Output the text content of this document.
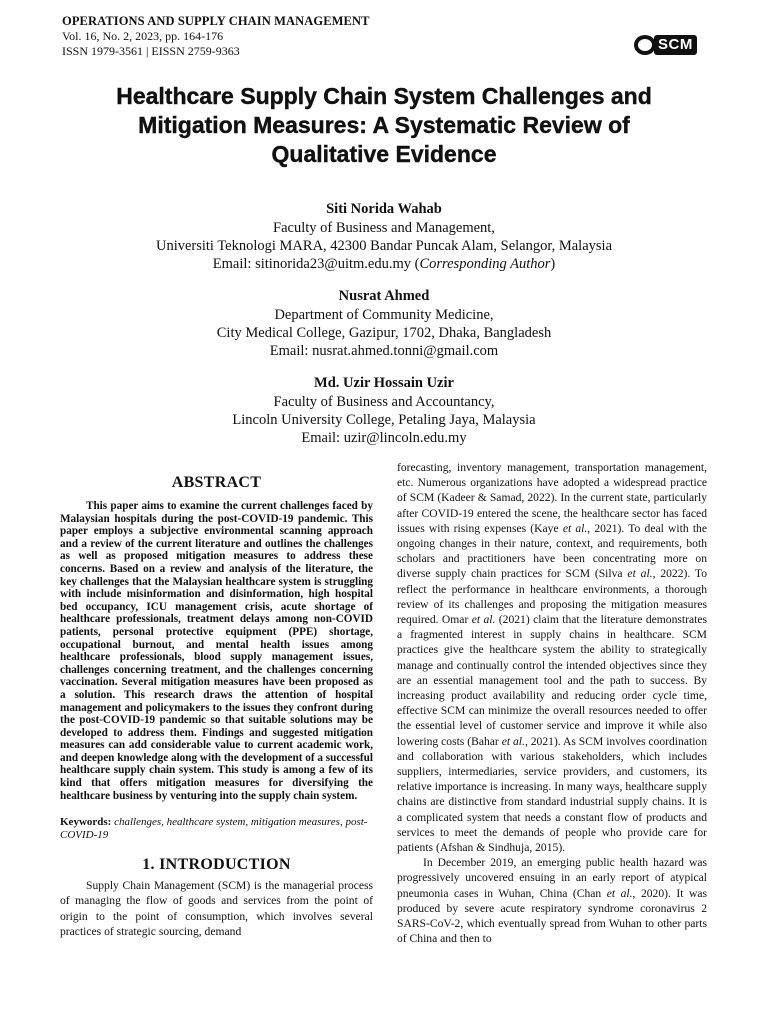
OPERATIONS AND SUPPLY CHAIN MANAGEMENT
Vol. 16, No. 2, 2023, pp. 164-176
ISSN 1979-3561 | EISSN 2759-9363	SCM
Healthcare Supply Chain System Challenges and
Mitigation Measures: A Systematic Review of
Qualitative Evidence
Siti Norida Wahab
Faculty of Business and Management,
Universiti Teknologi MARA, 42300 Bandar Puncak Alam, Selangor, Malaysia
Email: sitinorida23@uitm.edu.my (Corresponding Author)
Nusrat Ahmed
Department of Community Medicine,
City Medical College, Gazipur, 1702, Dhaka, Bangladesh
Email: nusrat.ahmed.tonni@gmail.com
Md. Uzir Hossain Uzir
Faculty of Business and Accountancy,
Lincoln University College, Petaling Jaya, Malaysia
Email: uzir@lincoln.edu.my
ABSTRACT

This paper aims to examine the current challenges faced by Malaysian hospitals during the post-COVID-19 pandemic. This paper employs a subjective environmental scanning approach and a review of the current literature and outlines the challenges as well as proposed mitigation measures to address these concerns. Based on a review and analysis of the literature, the key challenges that the Malaysian healthcare system is struggling with include misinformation and disinformation, high hospital bed occupancy, ICU management crisis, acute shortage of healthcare professionals, treatment delays among non-COVID patients, personal protective equipment (PPE) shortage, occupational burnout, and mental health issues among healthcare professionals, blood supply management issues, challenges concerning treatment, and the challenges concerning vaccination. Several mitigation measures have been proposed as a solution. This research draws the attention of hospital management and policymakers to the issues they confront during the post-COVID-19 pandemic so that suitable solutions may be developed to address them. Findings and suggested mitigation measures can add considerable value to current academic work, and deepen knowledge along with the development of a successful healthcare supply chain system. This study is among a few of its kind that offers mitigation measures for diversifying the healthcare business by venturing into the supply chain system.

Keywords: challenges, healthcare system, mitigation measures, post-COVID-19

1. INTRODUCTION

Supply Chain Management (SCM) is the managerial process of managing the flow of goods and services from the point of origin to the point of consumption, which involves several practices of strategic sourcing, demand

forecasting, inventory management, transportation management, etc. Numerous organizations have adopted a widespread practice of SCM (Kadeer & Samad, 2022). In the current state, particularly after COVID-19 entered the scene, the healthcare sector has faced issues with rising expenses (Kaye et al., 2021). To deal with the ongoing changes in their nature, context, and requirements, both scholars and practitioners have been concentrating more on diverse supply chain practices for SCM (Silva et al., 2022). To reflect the performance in healthcare environments, a thorough review of its challenges and proposing the mitigation measures required. Omar et al. (2021) claim that the literature demonstrates a fragmented interest in supply chains in healthcare. SCM practices give the healthcare system the ability to strategically manage and continually control the intended objectives since they are an essential management tool and the path to success. By increasing product availability and reducing order cycle time, effective SCM can minimize the overall resources needed to offer the essential level of customer service and improve it while also lowering costs (Bahar et al., 2021). As SCM involves coordination and collaboration with various stakeholders, which includes suppliers, intermediaries, service providers, and customers, its relative importance is increasing. In many ways, healthcare supply chains are distinctive from standard industrial supply chains. It is a complicated system that needs a constant flow of products and services to meet the demands of people who provide care for patients (Afshan & Sindhuja, 2015).

In December 2019, an emerging public health hazard was progressively uncovered ensuing in an early report of atypical pneumonia cases in Wuhan, China (Chan et al., 2020). It was produced by severe acute respiratory syndrome coronavirus 2 SARS-CoV-2, which eventually spread from Wuhan to other parts of China and then to
